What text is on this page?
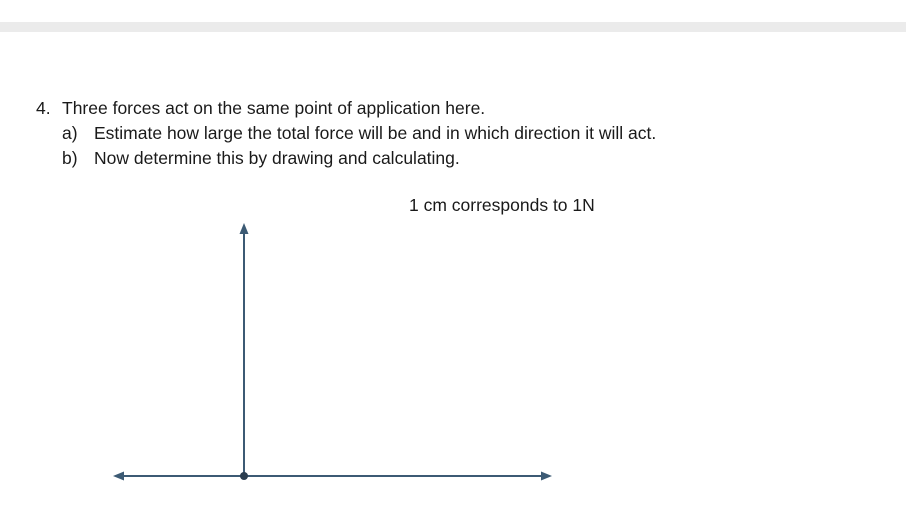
4. Three forces act on the same point of application here.
a) Estimate how large the total force will be and in which direction it will act.
b) Now determine this by drawing and calculating.
1 cm corresponds to 1N
